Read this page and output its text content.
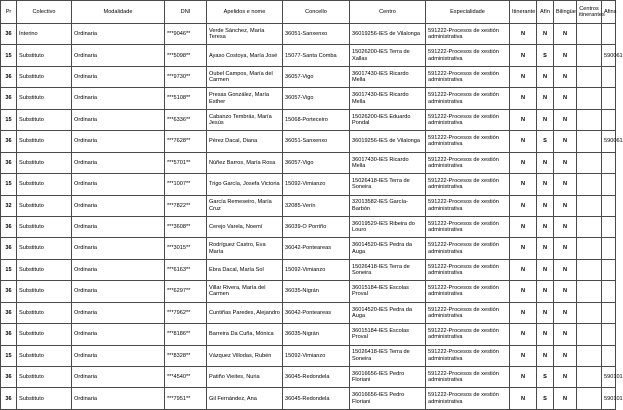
Pr	Colectivo	Modalidade	DNI	Apelidos e nome	Concello	Centro	Especialidade	Itinerante	Afín	Bilingüe	Centros itinerantes	Afins
36	Interino	Ordinaria	***9046**	Verde Sánchez, María Teresa	36051-Sanxenxo	36019256-IES de Vilalonga	591222-Procesos de xestión administrativa	N	N	N		
15	Substituto	Ordinaria	***5098**	Ayaso Costoya, María José	15077-Santa Comba	15026200-IES Terra de Xallas	591222-Procesos de xestión administrativa	N	S	N		590061
36	Substituto	Ordinaria	***9730**	Oubel Campos, María del Carmen	36057-Vigo	36017430-IES Ricardo Mella	591222-Procesos de xestión administrativa	N	N	N		
36	Substituto	Ordinaria	***5108**	Presas González, María Esther	36057-Vigo	36017430-IES Ricardo Mella	591222-Procesos de xestión administrativa	N	N	N		
15	Substituto	Ordinaria	***6336**	Cabanzo Tembrás, María Jesús	15068-Porteceiro	15026200-IES Eduardo Pondal	591222-Procesos de xestión administrativa	N	N	N		
36	Substituto	Ordinaria	***7628**	Pérez Dacal, Diana	36051-Sanxenxo	36019256-IES de Vilalonga	591222-Procesos de xestión administrativa	N	S	N		590061
36	Substituto	Ordinaria	***5701**	Núñez Barros, María Rosa	36057-Vigo	36017430-IES Ricardo Mella	591222-Procesos de xestión administrativa	N	N	N		
15	Substituto	Ordinaria	***1007**	Trigo García, Josefa Victoria	15092-Vimianzo	15026418-IES Terra de Soneira	591222-Procesos de xestión administrativa	N	N	N		
32	Substituto	Ordinaria	***7822**	García Remeseiro, María Cruz	32085-Verín	32013582-IES García-Barbón	591222-Procesos de xestión administrativa	N	N	N		
36	Substituto	Ordinaria	***3608**	Cerejo Varela, Noemí	36039-O Porriño	36019529-IES Ribeira do Louro	591222-Procesos de xestión administrativa	N	N	N		
36	Substituto	Ordinaria	***3015**	Rodríguez Castro, Eva María	36042-Ponteareas	36014520-IES Pedra da Auga	591222-Procesos de xestión administrativa	N	N	N		
15	Substituto	Ordinaria	***6163**	Ebra Dacal, María Sol	15092-Vimianzo	15026418-IES Terra de Soneira	591222-Procesos de xestión administrativa	N	N	N		
36	Substituto	Ordinaria	***6297**	Villar Rivera, María del Carmen	36035-Nigrán	36015184-IES Escolas Proval	591222-Procesos de xestión administrativa	N	N	N		
36	Substituto	Ordinaria	***7962**	Cuntiñas Paredes, Alejandro	36042-Ponteareas	36014520-IES Pedra da Auga	591222-Procesos de xestión administrativa	N	N	N		
36	Substituto	Ordinaria	***8186**	Barreira Da Cuña, Mónica	36035-Nigrán	36015184-IES Escolas Proval	591222-Procesos de xestión administrativa	N	N	N		
15	Substituto	Ordinaria	***8328**	Vázquez Villodas, Rubén	15092-Vimianzo	15026418-IES Terra de Soneira	591222-Procesos de xestión administrativa	N	N	N		
36	Substituto	Ordinaria	***4540**	Patiño Vieites, Nuria	36045-Redondela	36016656-IES Pedro Floriani	591222-Procesos de xestión administrativa	N	S	N		590101
36	Substituto	Ordinaria	***7951**	Gil Fernández, Ana	36045-Redondela	36016656-IES Pedro Floriani	591222-Procesos de xestión administrativa	N	S	N		590101
